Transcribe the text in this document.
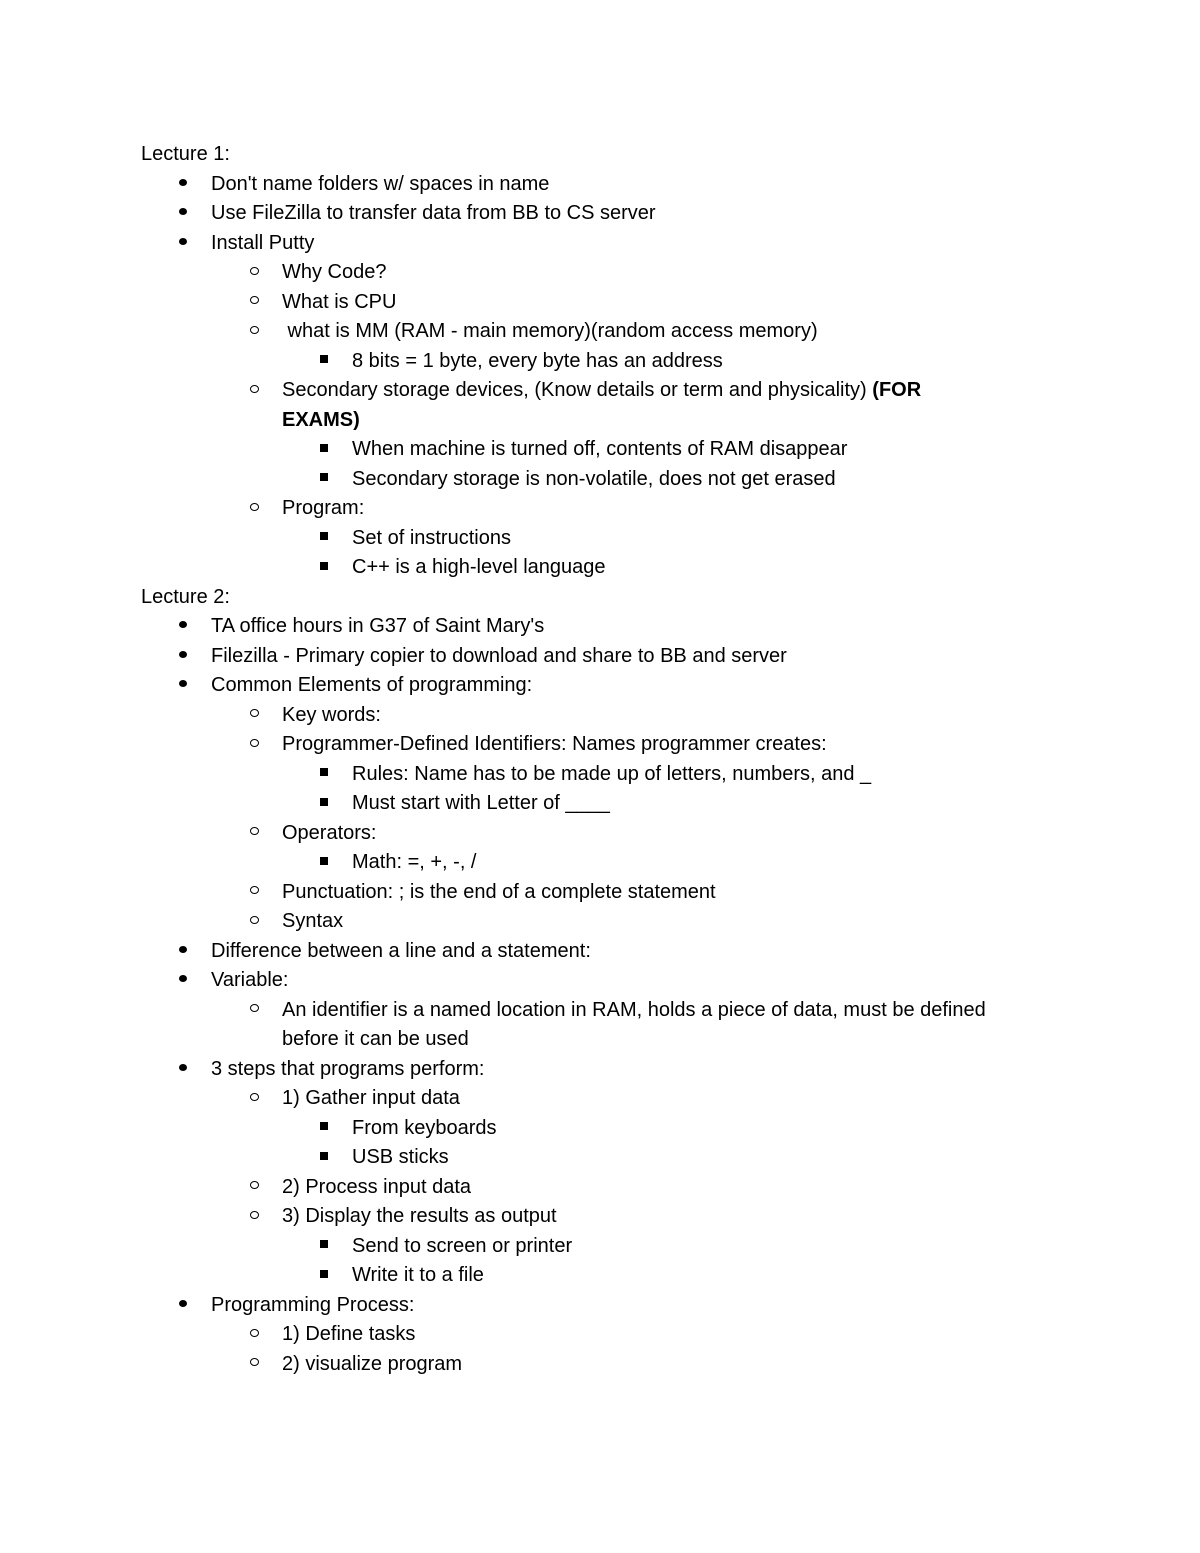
Lecture 1:
Don't name folders w/ spaces in name
Use FileZilla to transfer data from BB to CS server
Install Putty
Why Code?
What is CPU
what is MM (RAM - main memory)(random access memory)
8 bits = 1 byte, every byte has an address
Secondary storage devices, (Know details or term and physicality) (FOR
EXAMS)
When machine is turned off, contents of RAM disappear
Secondary storage is non-volatile, does not get erased
Program:
Set of instructions
C++ is a high-level language
Lecture 2:
TA office hours in G37 of Saint Mary's
Filezilla - Primary copier to download and share to BB and server
Common Elements of programming:
Key words:
Programmer-Defined Identifiers: Names programmer creates:
Rules: Name has to be made up of letters, numbers, and _
Must start with Letter of ____
Operators:
Math: =, +, -, /
Punctuation: ; is the end of a complete statement
Syntax
Difference between a line and a statement:
Variable:
An identifier is a named location in RAM, holds a piece of data, must be defined
before it can be used
3 steps that programs perform:
1) Gather input data
From keyboards
USB sticks
2) Process input data
3) Display the results as output
Send to screen or printer
Write it to a file
Programming Process:
1) Define tasks
2) visualize program
